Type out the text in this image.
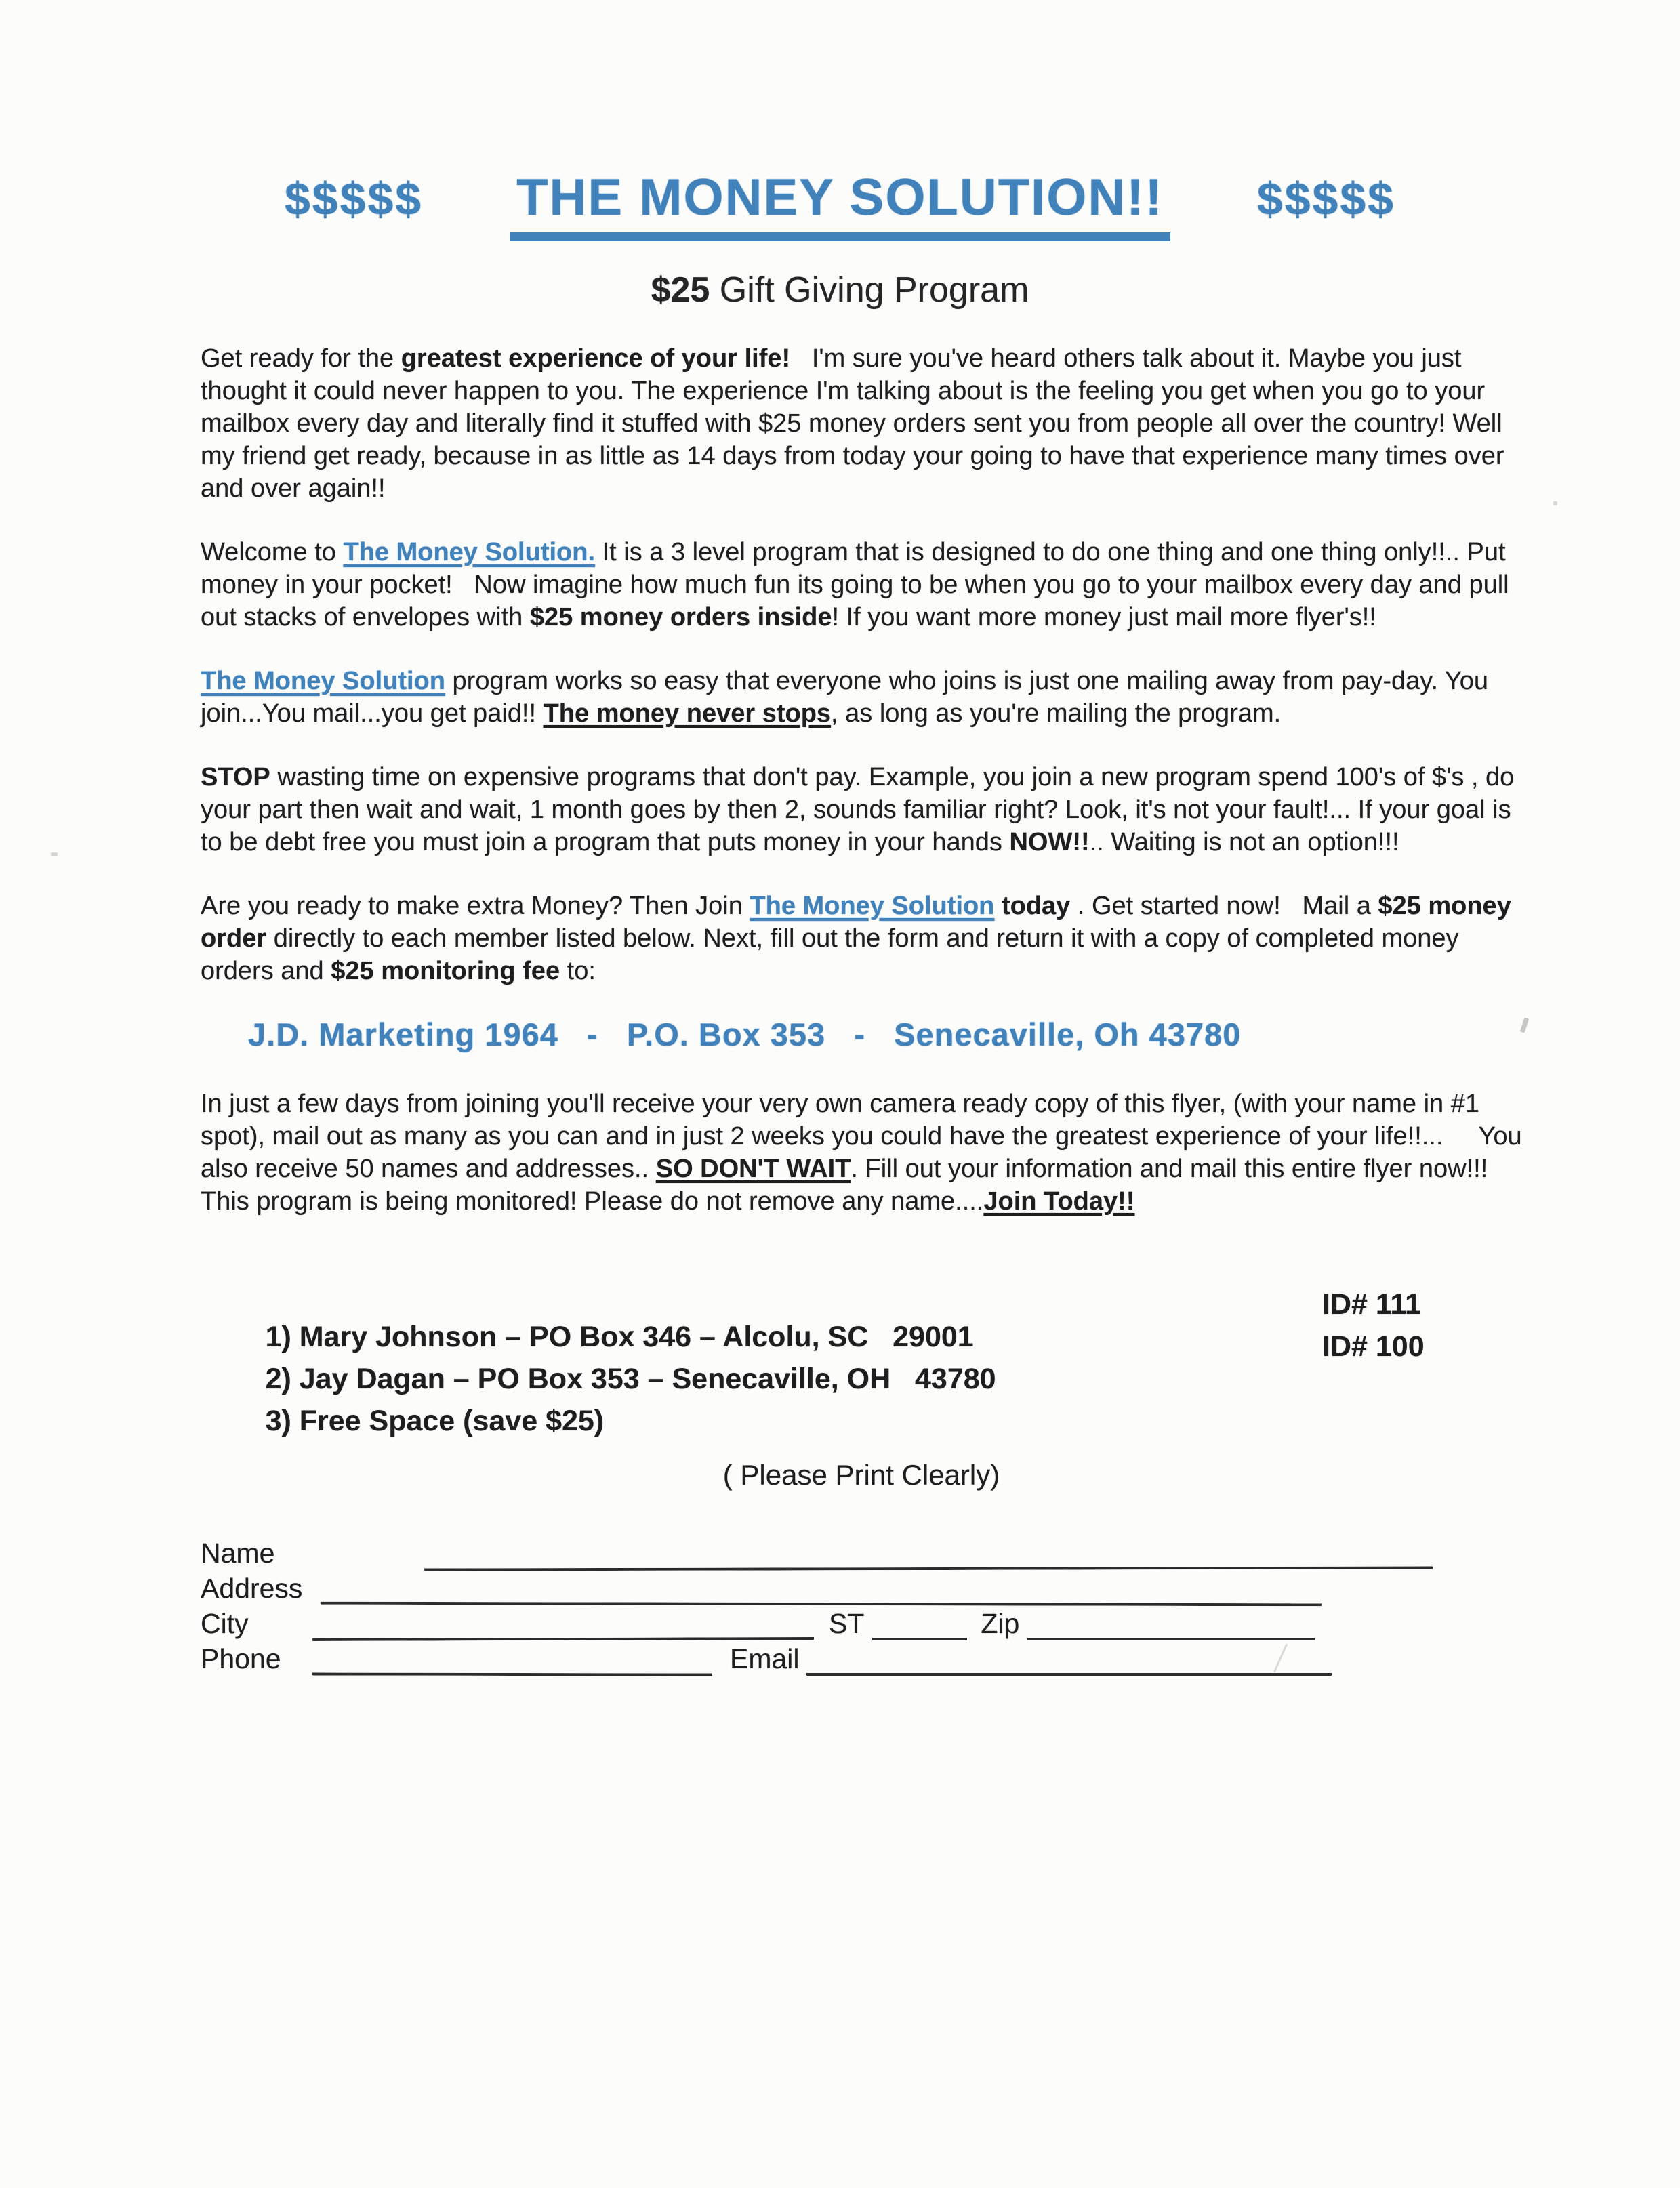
$$$$$ THE MONEY SOLUTION!! $$$$$
$25 Gift Giving Program

Get ready for the greatest experience of your life!   I'm sure you've heard others talk about it. Maybe you just thought it could never happen to you. The experience I'm talking about is the feeling you get when you go to your mailbox every day and literally find it stuffed with $25 money orders sent you from people all over the country! Well my friend get ready, because in as little as 14 days from today your going to have that experience many times over and over again!!

Welcome to The Money Solution. It is a 3 level program that is designed to do one thing and one thing only!!.. Put money in your pocket!   Now imagine how much fun its going to be when you go to your mailbox every day and pull out stacks of envelopes with $25 money orders inside! If you want more money just mail more flyer's!!

The Money Solution program works so easy that everyone who joins is just one mailing away from pay-day. You join...You mail...you get paid!! The money never stops, as long as you're mailing the program.

STOP wasting time on expensive programs that don't pay. Example, you join a new program spend 100's of $'s , do your part then wait and wait, 1 month goes by then 2, sounds familiar right? Look, it's not your fault!... If your goal is to be debt free you must join a program that puts money in your hands NOW!!.. Waiting is not an option!!!

Are you ready to make extra Money? Then Join The Money Solution today . Get started now!   Mail a $25 money order directly to each member listed below. Next, fill out the form and return it with a copy of completed money orders and $25 monitoring fee to:

J.D. Marketing 1964   -   P.O. Box 353   -   Senecaville, Oh 43780

In just a few days from joining you'll receive your very own camera ready copy of this flyer, (with your name in #1 spot), mail out as many as you can and in just 2 weeks you could have the greatest experience of your life!!...     You also receive 50 names and addresses.. SO DON'T WAIT. Fill out your information and mail this entire flyer now!!!
This program is being monitored! Please do not remove any name....Join Today!!

1) Mary Johnson – PO Box 346 – Alcolu, SC   29001

ID# 111

2) Jay Dagan – PO Box 353 – Senecaville, OH   43780

ID# 100

3) Free Space (save $25)

( Please Print Clearly)
Name
Address
City	ST	Zip
Phone	Email
